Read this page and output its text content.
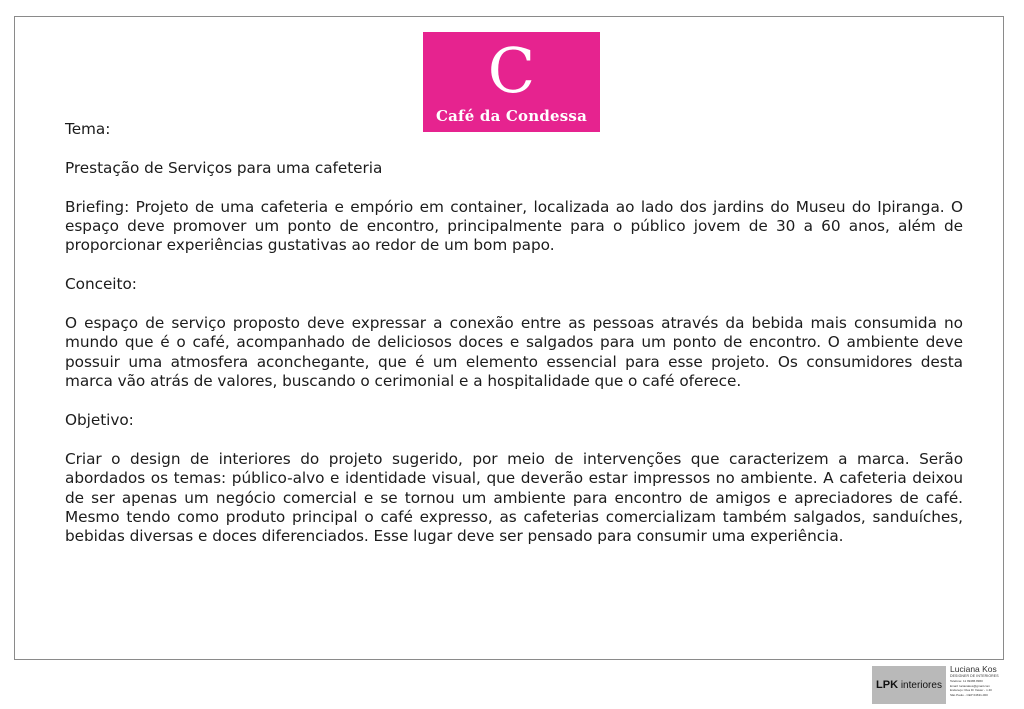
C
Café da Condessa

Tema:

Prestação de Serviços para uma cafeteria

Briefing: Projeto de uma cafeteria e empório em container, localizada ao lado dos jardins do Museu do Ipiranga. O espaço deve promover um ponto de encontro, principalmente para o público jovem de 30 a 60 anos, além de proporcionar experiências gustativas ao redor de um bom papo.

Conceito:

O espaço de serviço proposto deve expressar a conexão entre as pessoas através da bebida mais consumida no mundo que é o café, acompanhado de deliciosos doces e salgados para um ponto de encontro. O ambiente deve possuir uma atmosfera aconchegante, que é um elemento essencial para esse projeto. Os consumidores desta marca vão atrás de valores, buscando o cerimonial e a hospitalidade que o café oferece.

Objetivo:

Criar o design de interiores do projeto sugerido, por meio de intervenções que caracterizem a marca. Serão abordados os temas: público-alvo e identidade visual, que deverão estar impressos no ambiente. A cafeteria deixou de ser apenas um negócio comercial e se tornou um ambiente para encontro de amigos e apreciadores de café. Mesmo tendo como produto principal o café expresso, as cafeterias comercializam também salgados, sanduíches, bebidas diversas e doces diferenciados. Esse lugar deve ser pensado para consumir uma experiência.

LPK interiores
Luciana Kos
DESIGNER DE INTERIORES
Telefone: 11 99486 8960
Email: lucianakos@gmail.com
Endereço: Rua Dr Xavier - n 40
São Paulo - CEP 04631-000
